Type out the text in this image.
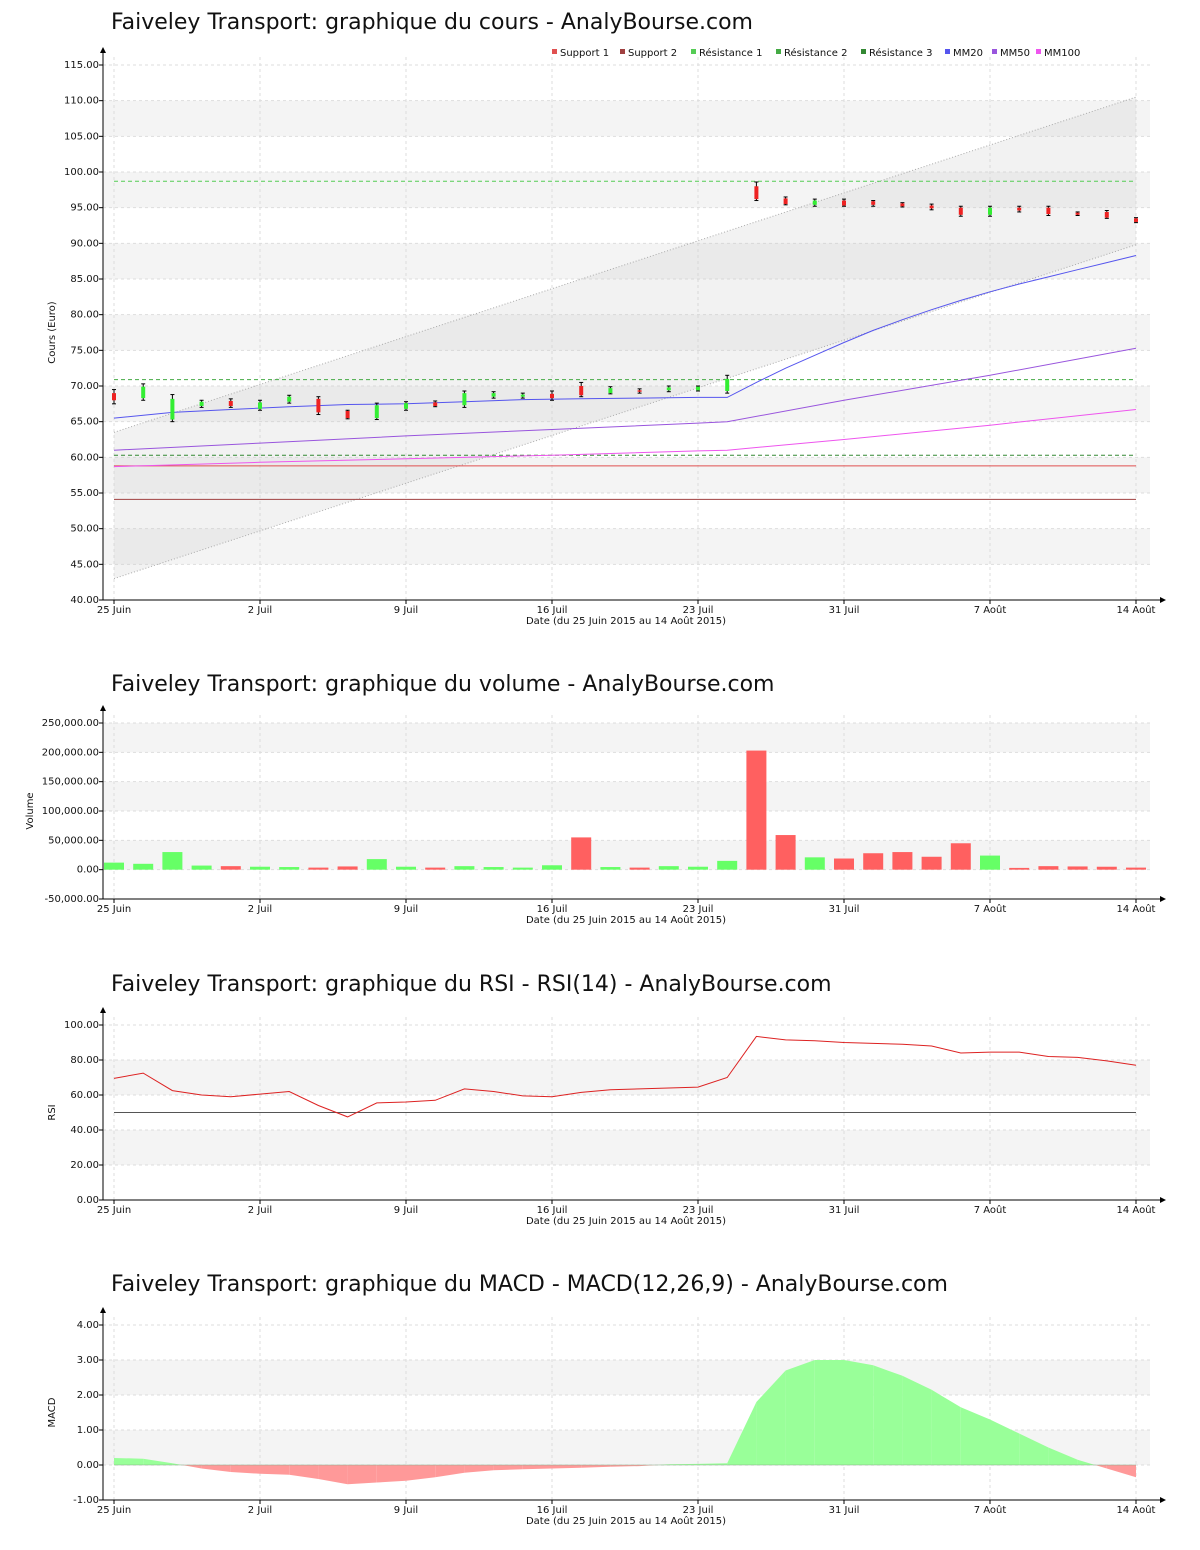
Faiveley Transport: graphique du cours - AnalyBourse.com
40.00
45.00
50.00
55.00
60.00
65.00
70.00
75.00
80.00
85.00
90.00
95.00
100.00
105.00
110.00
115.00
25 Juin	2 Juil	9 Juil	16 Juil	23 Juil	31 Juil	7 Août	14 Août
Date (du 25 Juin 2015 au 14 Août 2015)
Cours (Euro)
Support 1 Support 2 Résistance 1 Résistance 2 Résistance 3 MM20 MM50 MM100
Faiveley Transport: graphique du volume - AnalyBourse.com
-50,000.00
0.00
50,000.00
100,000.00
150,000.00
200,000.00
250,000.00
25 Juin	2 Juil	9 Juil	16 Juil	23 Juil	31 Juil	7 Août	14 Août
Date (du 25 Juin 2015 au 14 Août 2015)
Volume
Faiveley Transport: graphique du RSI - RSI(14) - AnalyBourse.com
0.00
20.00
40.00
60.00
80.00
100.00
25 Juin	2 Juil	9 Juil	16 Juil	23 Juil	31 Juil	7 Août	14 Août
Date (du 25 Juin 2015 au 14 Août 2015)
RSI
Faiveley Transport: graphique du MACD - MACD(12,26,9) - AnalyBourse.com
-1.00
0.00
1.00
2.00
3.00
4.00
25 Juin	2 Juil	9 Juil	16 Juil	23 Juil	31 Juil	7 Août	14 Août
Date (du 25 Juin 2015 au 14 Août 2015)
MACD
